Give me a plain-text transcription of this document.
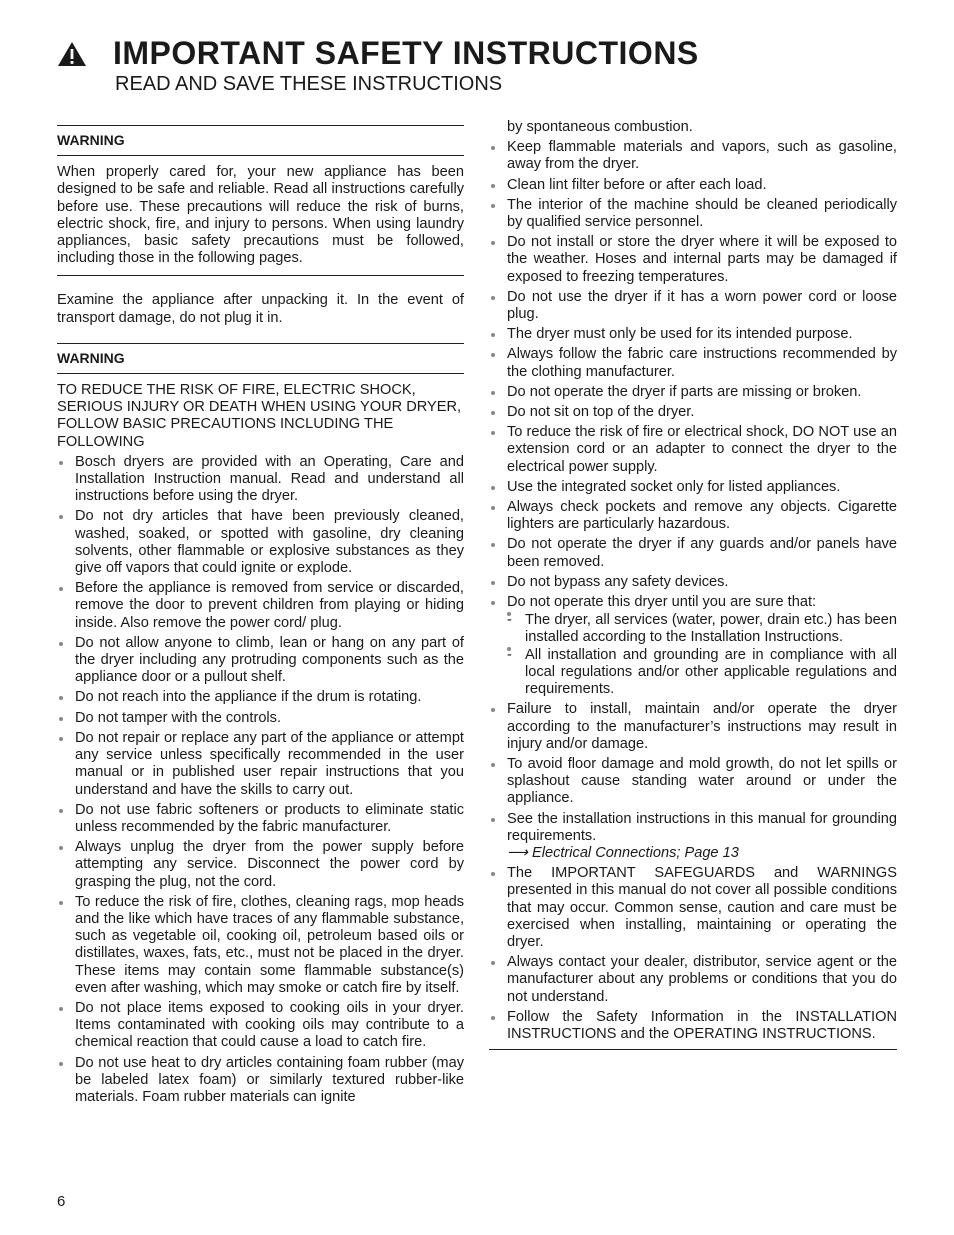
IMPORTANT SAFETY INSTRUCTIONS
READ AND SAVE THESE INSTRUCTIONS
WARNING

When properly cared for, your new appliance has been designed to be safe and reliable. Read all instructions carefully before use. These precautions will reduce the risk of burns, electric shock, fire, and injury to persons. When using laundry appliances, basic safety precautions must be followed, including those in the following pages.

Examine the appliance after unpacking it. In the event of transport damage, do not plug it in.

WARNING

TO REDUCE THE RISK OF FIRE, ELECTRIC SHOCK, SERIOUS INJURY OR DEATH WHEN USING YOUR DRYER, FOLLOW BASIC PRECAUTIONS INCLUDING THE FOLLOWING

Bosch dryers are provided with an Operating, Care and Installation Instruction manual. Read and understand all instructions before using the dryer.
Do not dry articles that have been previously cleaned, washed, soaked, or spotted with gasoline, dry cleaning solvents, other flammable or explosive substances as they give off vapors that could ignite or explode.
Before the appliance is removed from service or discarded, remove the door to prevent children from playing or hiding inside. Also remove the power cord/ plug.
Do not allow anyone to climb, lean or hang on any part of the dryer including any protruding components such as the appliance door or a pullout shelf.
Do not reach into the appliance if the drum is rotating.
Do not tamper with the controls.
Do not repair or replace any part of the appliance or attempt any service unless specifically recommended in the user manual or in published user repair instructions that you understand and have the skills to carry out.
Do not use fabric softeners or products to eliminate static unless recommended by the fabric manufacturer.
Always unplug the dryer from the power supply before attempting any service. Disconnect the power cord by grasping the plug, not the cord.
To reduce the risk of fire, clothes, cleaning rags, mop heads and the like which have traces of any flammable substance, such as vegetable oil, cooking oil, petroleum based oils or distillates, waxes, fats, etc., must not be placed in the dryer. These items may contain some flammable substance(s) even after washing, which may smoke or catch fire by itself.
Do not place items exposed to cooking oils in your dryer. Items contaminated with cooking oils may contribute to a chemical reaction that could cause a load to catch fire.
Do not use heat to dry articles containing foam rubber (may be labeled latex foam) or similarly textured rubber-like materials. Foam rubber materials can ignite

by spontaneous combustion.

Keep flammable materials and vapors, such as gasoline, away from the dryer.
Clean lint filter before or after each load.
The interior of the machine should be cleaned periodically by qualified service personnel.
Do not install or store the dryer where it will be exposed to the weather. Hoses and internal parts may be damaged if exposed to freezing temperatures.
Do not use the dryer if it has a worn power cord or loose plug.
The dryer must only be used for its intended purpose.
Always follow the fabric care instructions recommended by the clothing manufacturer.
Do not operate the dryer if parts are missing or broken.
Do not sit on top of the dryer.
To reduce the risk of fire or electrical shock, DO NOT use an extension cord or an adapter to connect the dryer to the electrical power supply.
Use the integrated socket only for listed appliances.
Always check pockets and remove any objects. Cigarette lighters are particularly hazardous.
Do not operate the dryer if any guards and/or panels have been removed.
Do not bypass any safety devices.
Do not operate this dryer until you are sure that:
- The dryer, all services (water, power, drain etc.) has been installed according to the Installation Instructions.
- All installation and grounding are in compliance with all local regulations and/or other applicable regulations and requirements.
Failure to install, maintain and/or operate the dryer according to the manufacturer’s instructions may result in injury and/or damage.
To avoid floor damage and mold growth, do not let spills or splashout cause standing water around or under the appliance.
See the installation instructions in this manual for grounding requirements.
⟶ Electrical Connections; Page 13
The IMPORTANT SAFEGUARDS and WARNINGS presented in this manual do not cover all possible conditions that may occur. Common sense, caution and care must be exercised when installing, maintaining or operating the dryer.
Always contact your dealer, distributor, service agent or the manufacturer about any problems or conditions that you do not understand.
Follow the Safety Information in the INSTALLATION INSTRUCTIONS and the OPERATING INSTRUCTIONS.
6
